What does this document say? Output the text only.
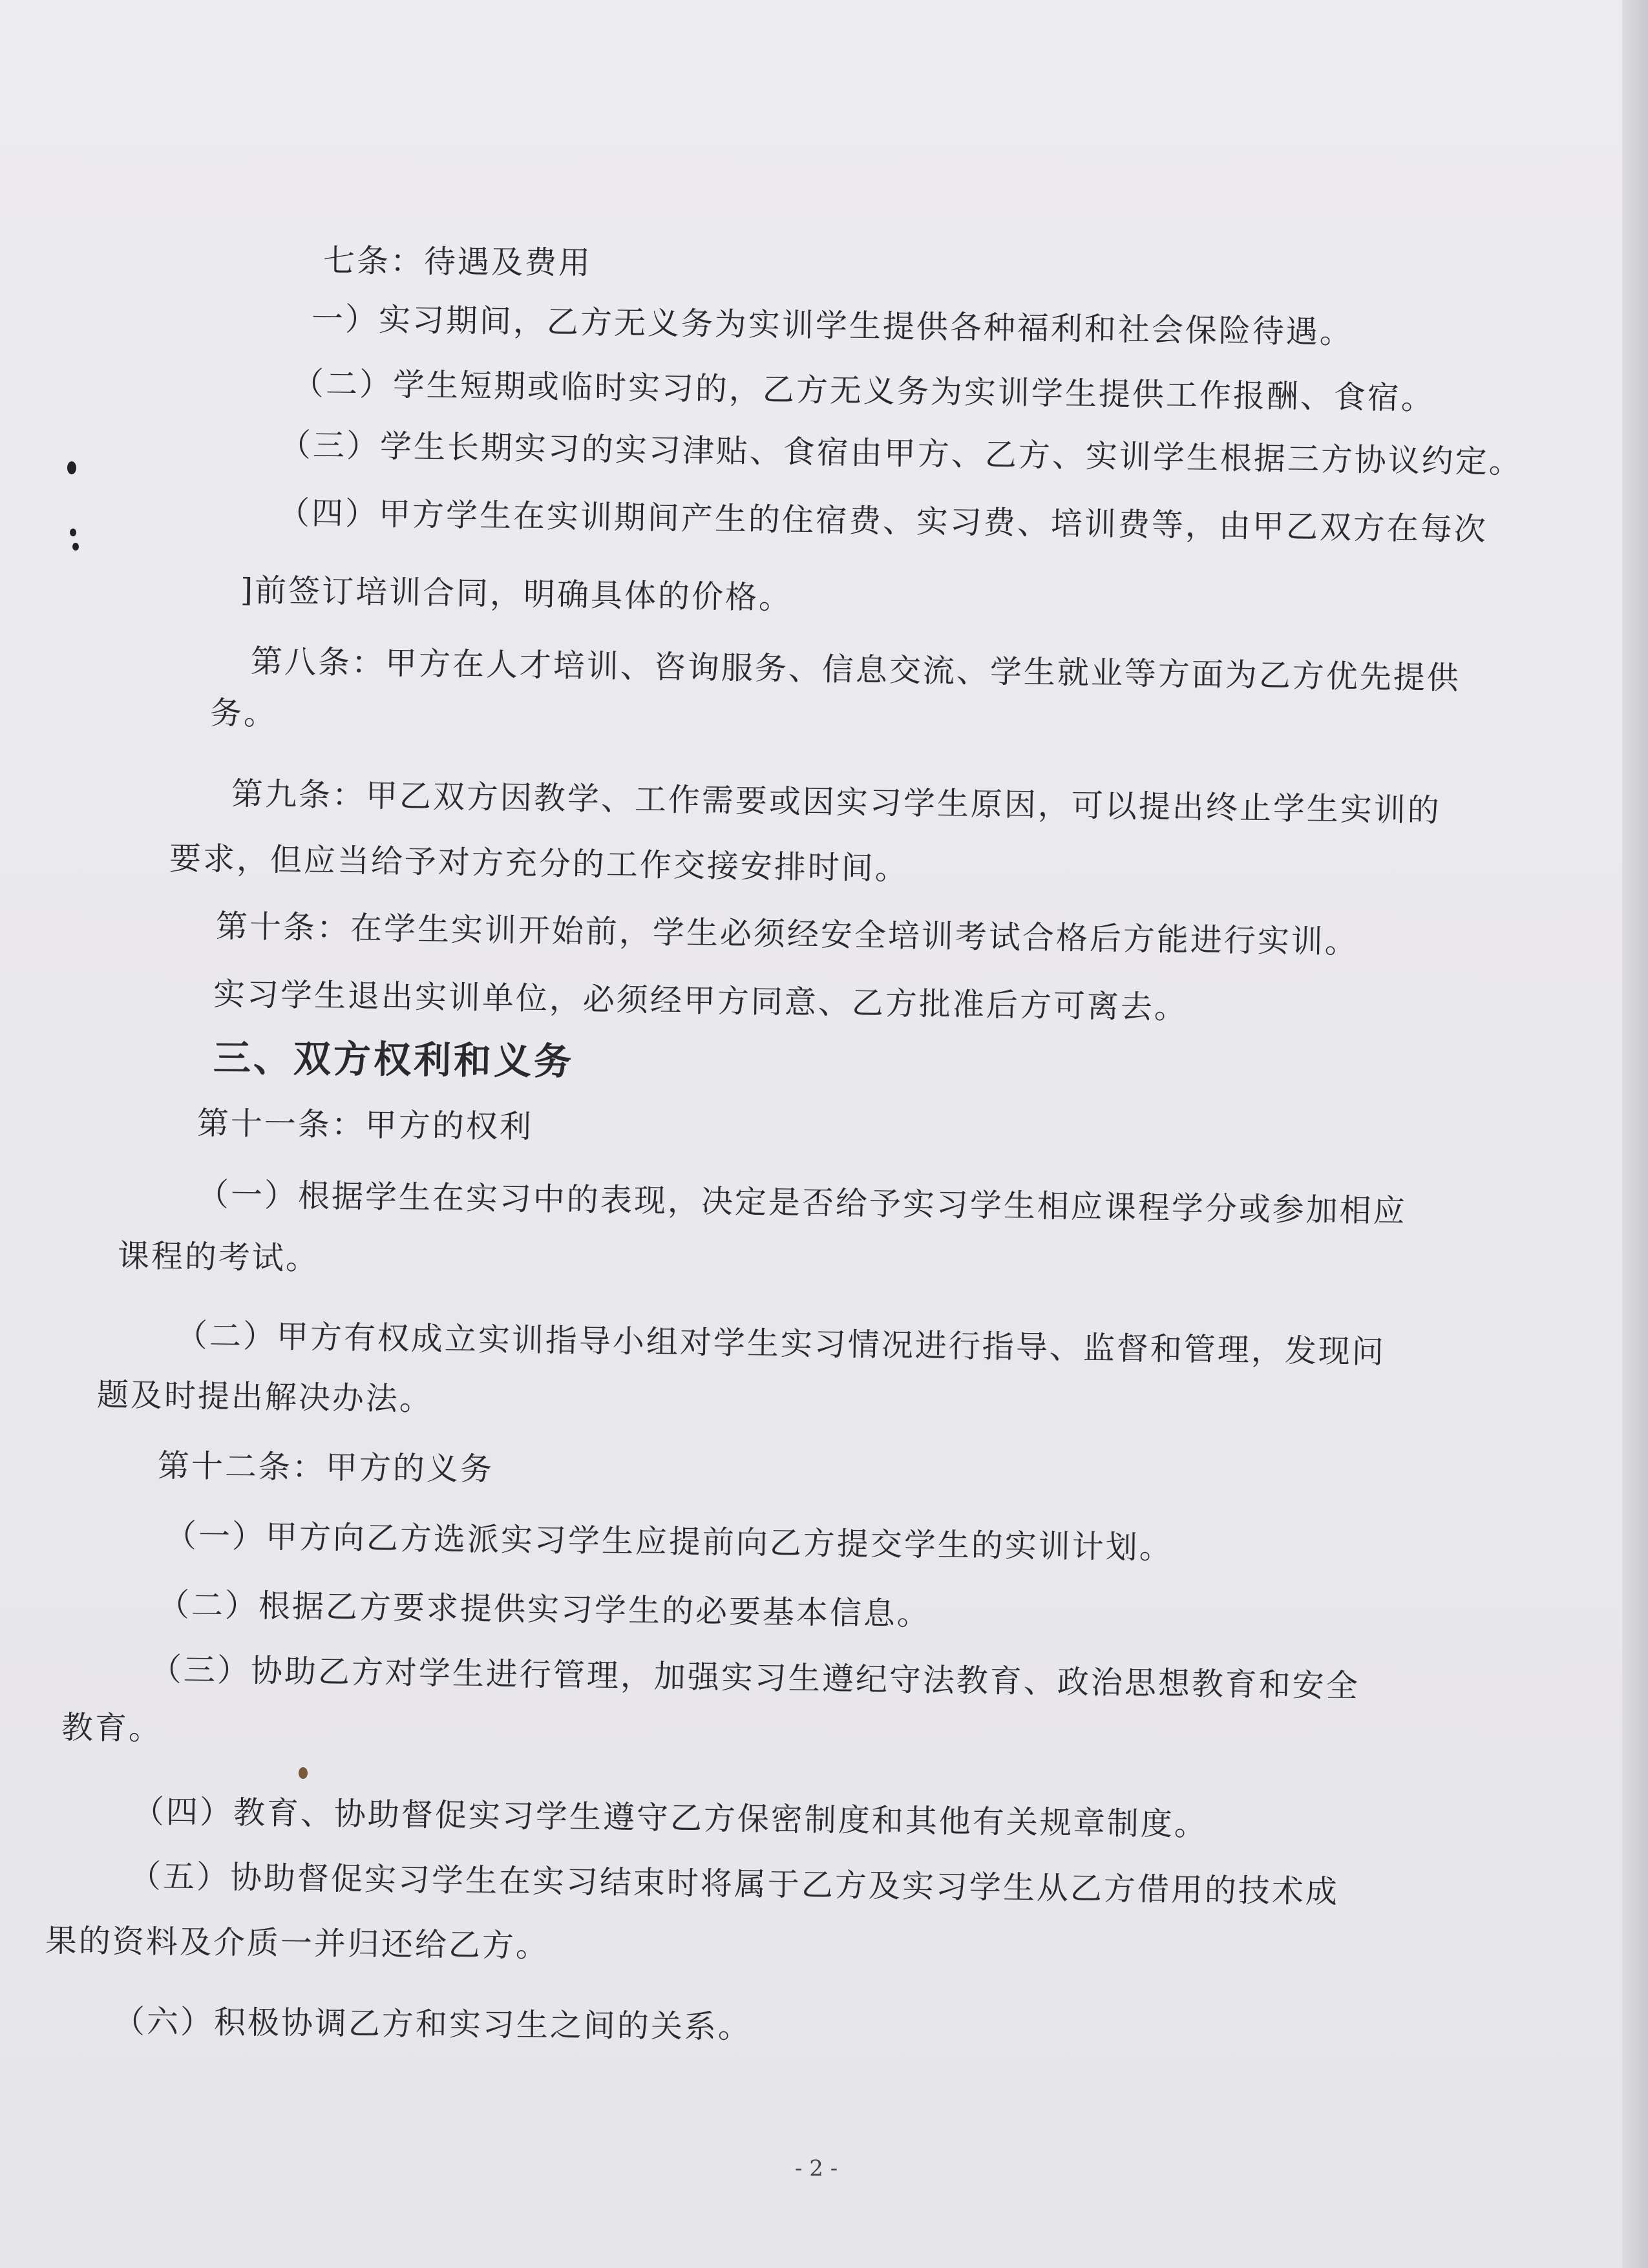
七条：待遇及费用
一）实习期间，乙方无义务为实训学生提供各种福利和社会保险待遇。
（二）学生短期或临时实习的，乙方无义务为实训学生提供工作报酬、食宿。
（三）学生长期实习的实习津贴、食宿由甲方、乙方、实训学生根据三方协议约定。
（四）甲方学生在实训期间产生的住宿费、实习费、培训费等，由甲乙双方在每次
]前签订培训合同，明确具体的价格。
第八条：甲方在人才培训、咨询服务、信息交流、学生就业等方面为乙方优先提供
务。
第九条：甲乙双方因教学、工作需要或因实习学生原因，可以提出终止学生实训的
要求，但应当给予对方充分的工作交接安排时间。
第十条：在学生实训开始前，学生必须经安全培训考试合格后方能进行实训。
实习学生退出实训单位，必须经甲方同意、乙方批准后方可离去。
三、双方权利和义务
第十一条：甲方的权利
（一）根据学生在实习中的表现，决定是否给予实习学生相应课程学分或参加相应
课程的考试。
（二）甲方有权成立实训指导小组对学生实习情况进行指导、监督和管理，发现问
题及时提出解决办法。
第十二条：甲方的义务
（一）甲方向乙方选派实习学生应提前向乙方提交学生的实训计划。
（二）根据乙方要求提供实习学生的必要基本信息。
（三）协助乙方对学生进行管理，加强实习生遵纪守法教育、政治思想教育和安全
教育。
（四）教育、协助督促实习学生遵守乙方保密制度和其他有关规章制度。
（五）协助督促实习学生在实习结束时将属于乙方及实习学生从乙方借用的技术成
果的资料及介质一并归还给乙方。
（六）积极协调乙方和实习生之间的关系。
- 2 -
